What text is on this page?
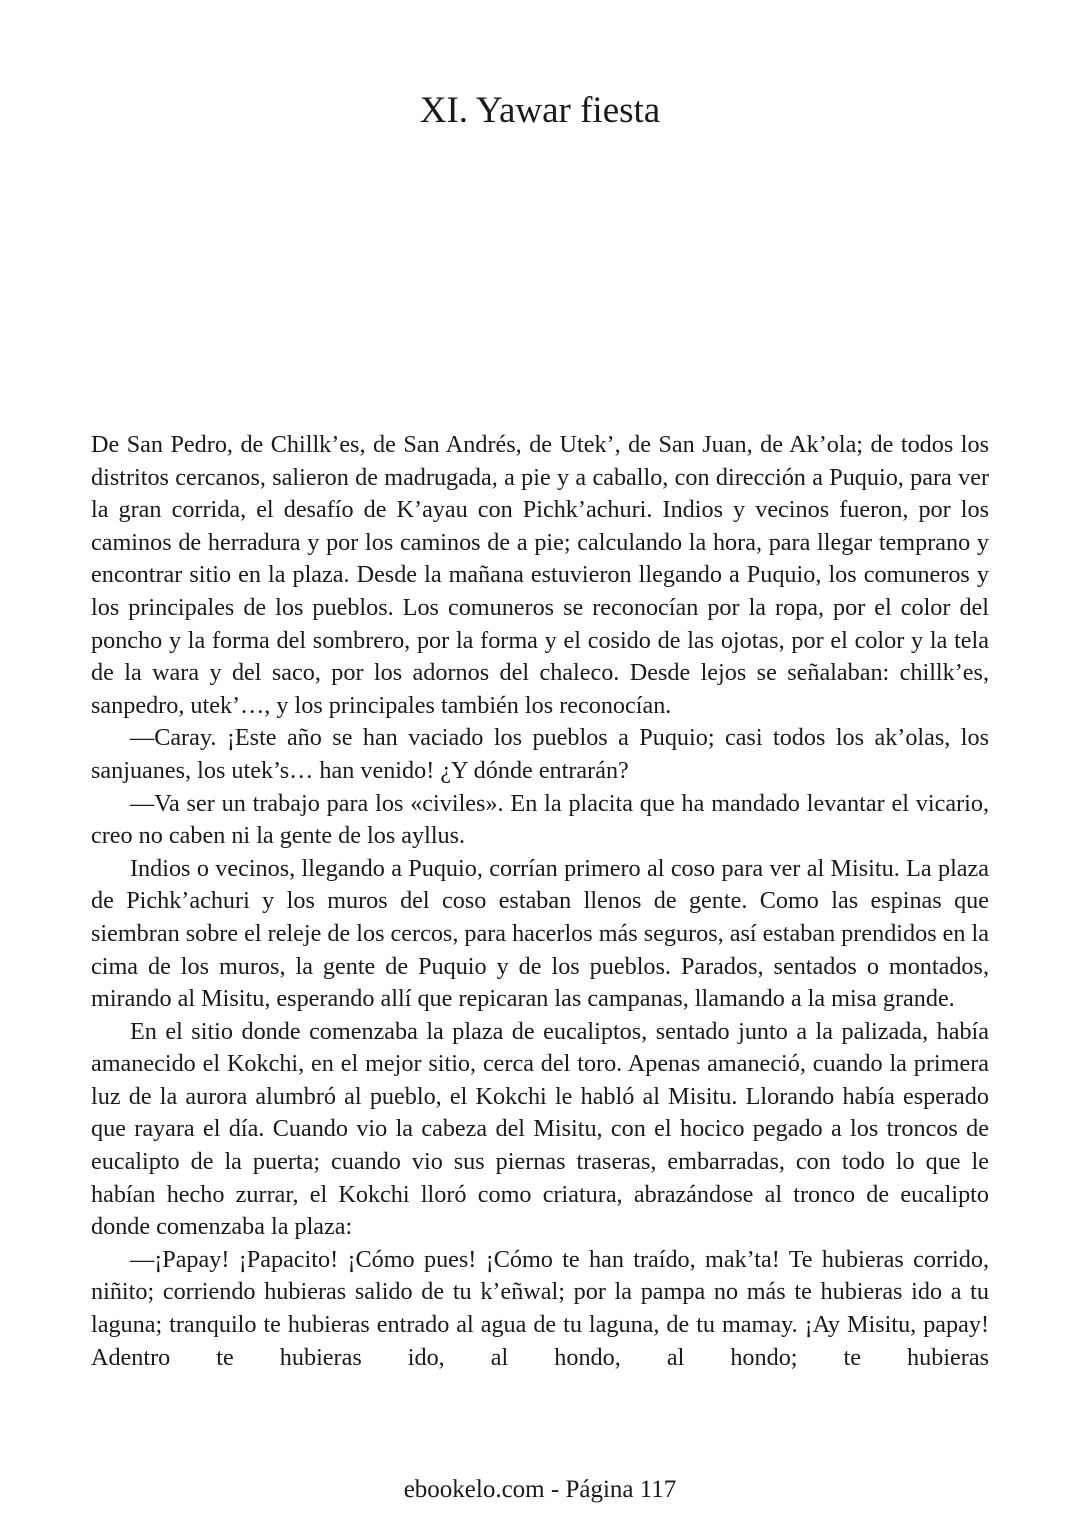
XI. Yawar fiesta

De San Pedro, de Chillk’es, de San Andrés, de Utek’, de San Juan, de Ak’ola; de todos los distritos cercanos, salieron de madrugada, a pie y a caballo, con dirección a Puquio, para ver la gran corrida, el desafío de K’ayau con Pichk’achuri. Indios y vecinos fueron, por los caminos de herradura y por los caminos de a pie; calculando la hora, para llegar temprano y encontrar sitio en la plaza. Desde la mañana estuvieron llegando a Puquio, los comuneros y los principales de los pueblos. Los comuneros se reconocían por la ropa, por el color del poncho y la forma del sombrero, por la forma y el cosido de las ojotas, por el color y la tela de la wara y del saco, por los adornos del chaleco. Desde lejos se señalaban: chillk’es, sanpedro, utek’…, y los principales también los reconocían.

—Caray. ¡Este año se han vaciado los pueblos a Puquio; casi todos los ak’olas, los sanjuanes, los utek’s… han venido! ¿Y dónde entrarán?

—Va ser un trabajo para los «civiles». En la placita que ha mandado levantar el vicario, creo no caben ni la gente de los ayllus.

Indios o vecinos, llegando a Puquio, corrían primero al coso para ver al Misitu. La plaza de Pichk’achuri y los muros del coso estaban llenos de gente. Como las espinas que siembran sobre el releje de los cercos, para hacerlos más seguros, así estaban prendidos en la cima de los muros, la gente de Puquio y de los pueblos. Parados, sentados o montados, mirando al Misitu, esperando allí que repicaran las campanas, llamando a la misa grande.

En el sitio donde comenzaba la plaza de eucaliptos, sentado junto a la palizada, había amanecido el Kokchi, en el mejor sitio, cerca del toro. Apenas amaneció, cuando la primera luz de la aurora alumbró al pueblo, el Kokchi le habló al Misitu. Llorando había esperado que rayara el día. Cuando vio la cabeza del Misitu, con el hocico pegado a los troncos de eucalipto de la puerta; cuando vio sus piernas traseras, embarradas, con todo lo que le habían hecho zurrar, el Kokchi lloró como criatura, abrazándose al tronco de eucalipto donde comenzaba la plaza:

—¡Papay! ¡Papacito! ¡Cómo pues! ¡Cómo te han traído, mak’ta! Te hubieras corrido, niñito; corriendo hubieras salido de tu k’eñwal; por la pampa no más te hubieras ido a tu laguna; tranquilo te hubieras entrado al agua de tu laguna, de tu mamay. ¡Ay Misitu, papay! Adentro te hubieras ido, al hondo, al hondo; te hubieras

ebookelo.com - Página 117
